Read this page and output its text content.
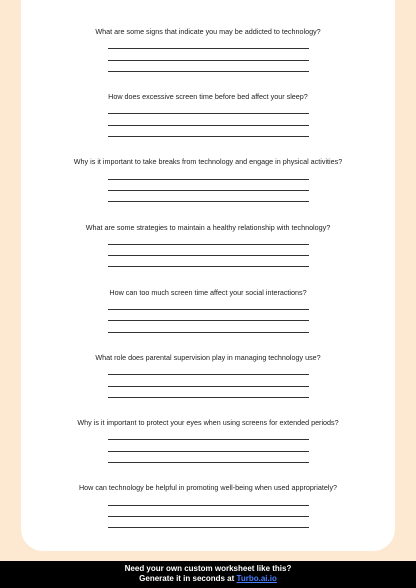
What are some signs that indicate you may be addicted to technology?
How does excessive screen time before bed affect your sleep?
Why is it important to take breaks from technology and engage in physical activities?
What are some strategies to maintain a healthy relationship with technology?
How can too much screen time affect your social interactions?
What role does parental supervision play in managing technology use?
Why is it important to protect your eyes when using screens for extended periods?
How can technology be helpful in promoting well-being when used appropriately?
Need your own custom worksheet like this?
Generate it in seconds at Turbo.ai.io
